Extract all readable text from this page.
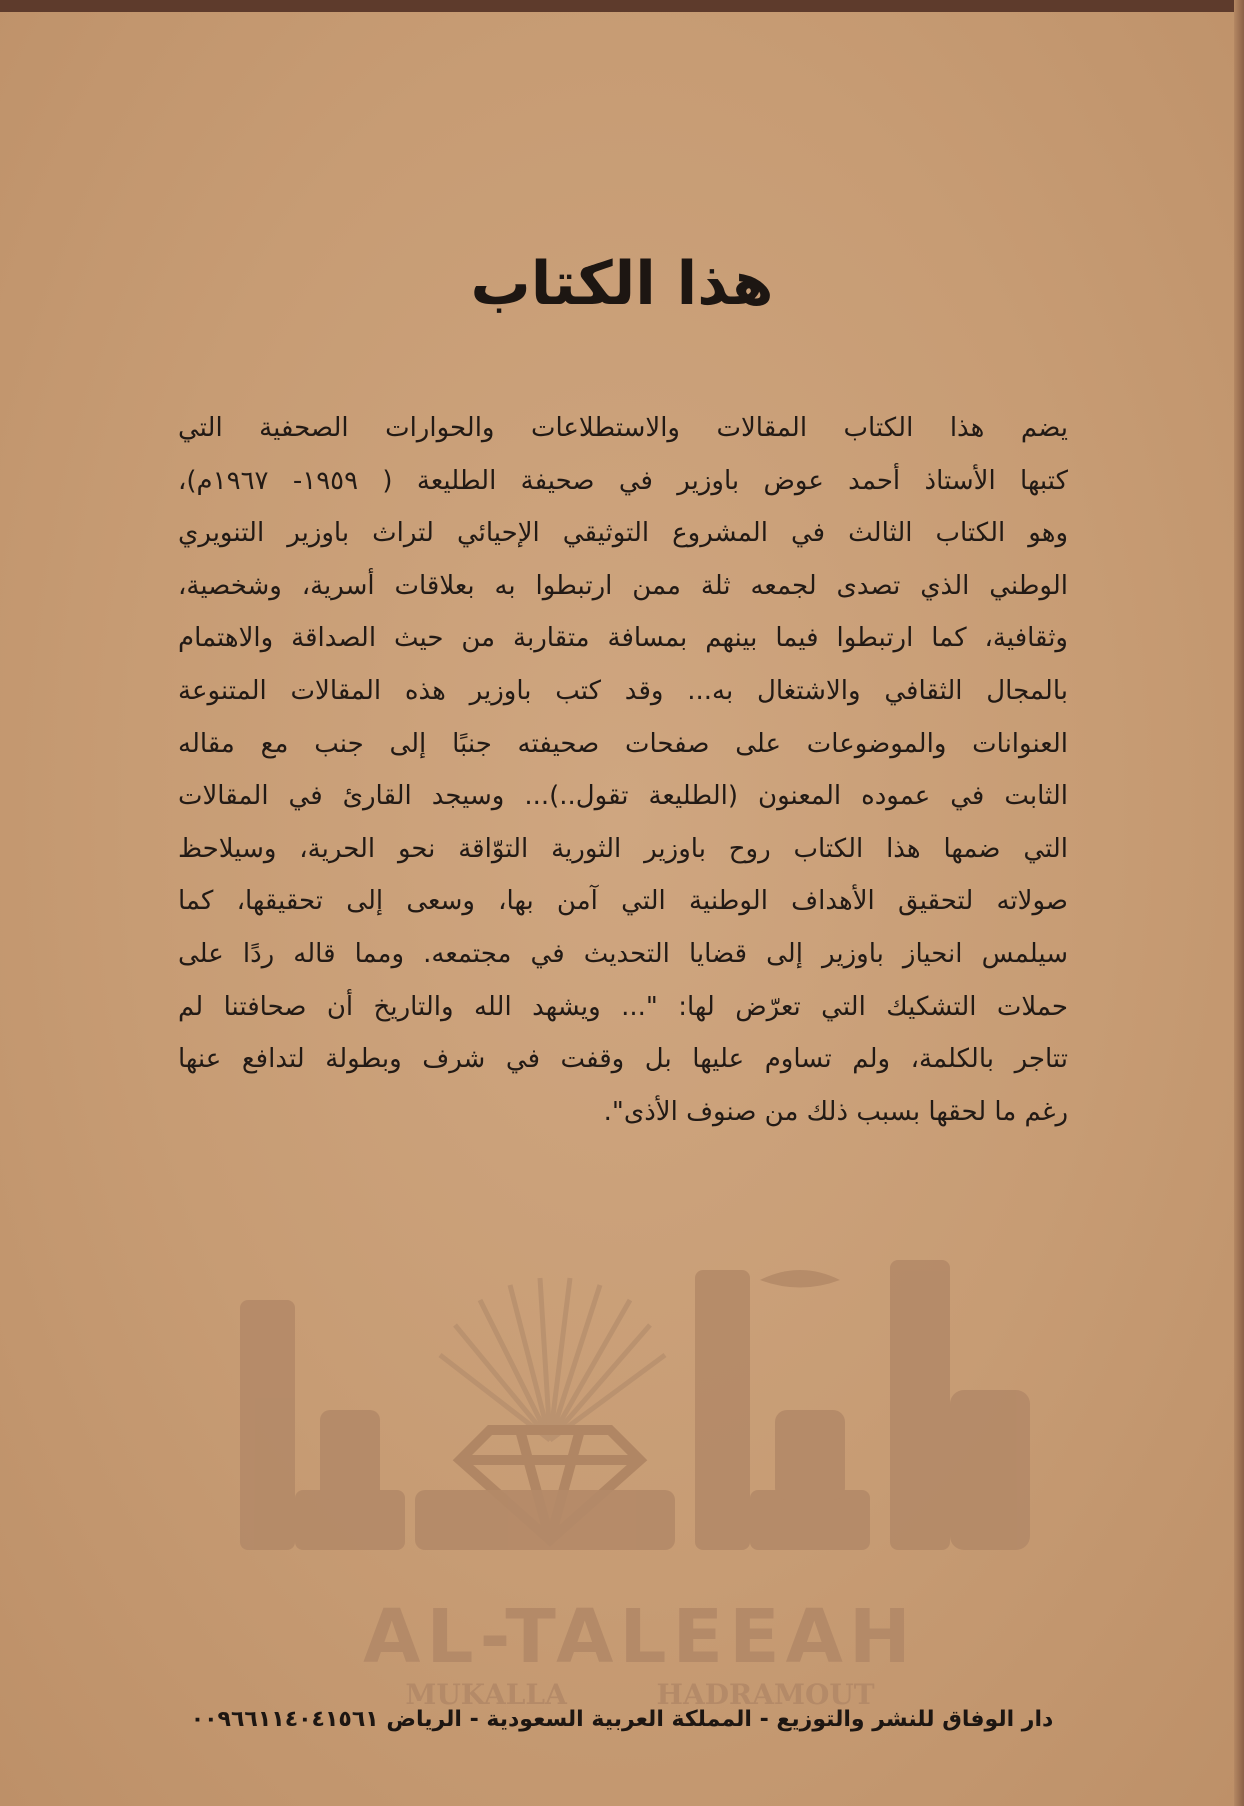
هذا الكتاب
يضم هذا الكتاب المقالات والاستطلاعات والحوارات الصحفية التي
كتبها الأستاذ أحمد عوض باوزير في صحيفة الطليعة ( ١٩٥٩- ١٩٦٧م)،
وهو الكتاب الثالث في المشروع التوثيقي الإحيائي لتراث باوزير التنويري
الوطني الذي تصدى لجمعه ثلة ممن ارتبطوا به بعلاقات أسرية، وشخصية،
وثقافية، كما ارتبطوا فيما بينهم بمسافة متقاربة من حيث الصداقة والاهتمام
بالمجال الثقافي والاشتغال به... وقد كتب باوزير هذه المقالات المتنوعة
العنوانات والموضوعات على صفحات صحيفته جنبًا إلى جنب مع مقاله
الثابت في عموده المعنون (الطليعة تقول..)... وسيجد القارئ في المقالات
التي ضمها هذا الكتاب روح باوزير الثورية التوّاقة نحو الحرية، وسيلاحظ
صولاته لتحقيق الأهداف الوطنية التي آمن بها، وسعى إلى تحقيقها، كما
سيلمس انحياز باوزير إلى قضايا التحديث في مجتمعه. ومما قاله ردًا على
حملات التشكيك التي تعرّض لها: "... ويشهد الله والتاريخ أن صحافتنا لم
تتاجر بالكلمة، ولم تساوم عليها بل وقفت في شرف وبطولة لتدافع عنها
رغم ما لحقها بسبب ذلك من صنوف الأذى".
AL-TALEEAH
MUKALLA	HADRAMOUT
دار الوفاق للنشر والتوزيع - المملكة العربية السعودية - الرياض ٠٠٩٦٦١١٤٠٤١٥٦١
